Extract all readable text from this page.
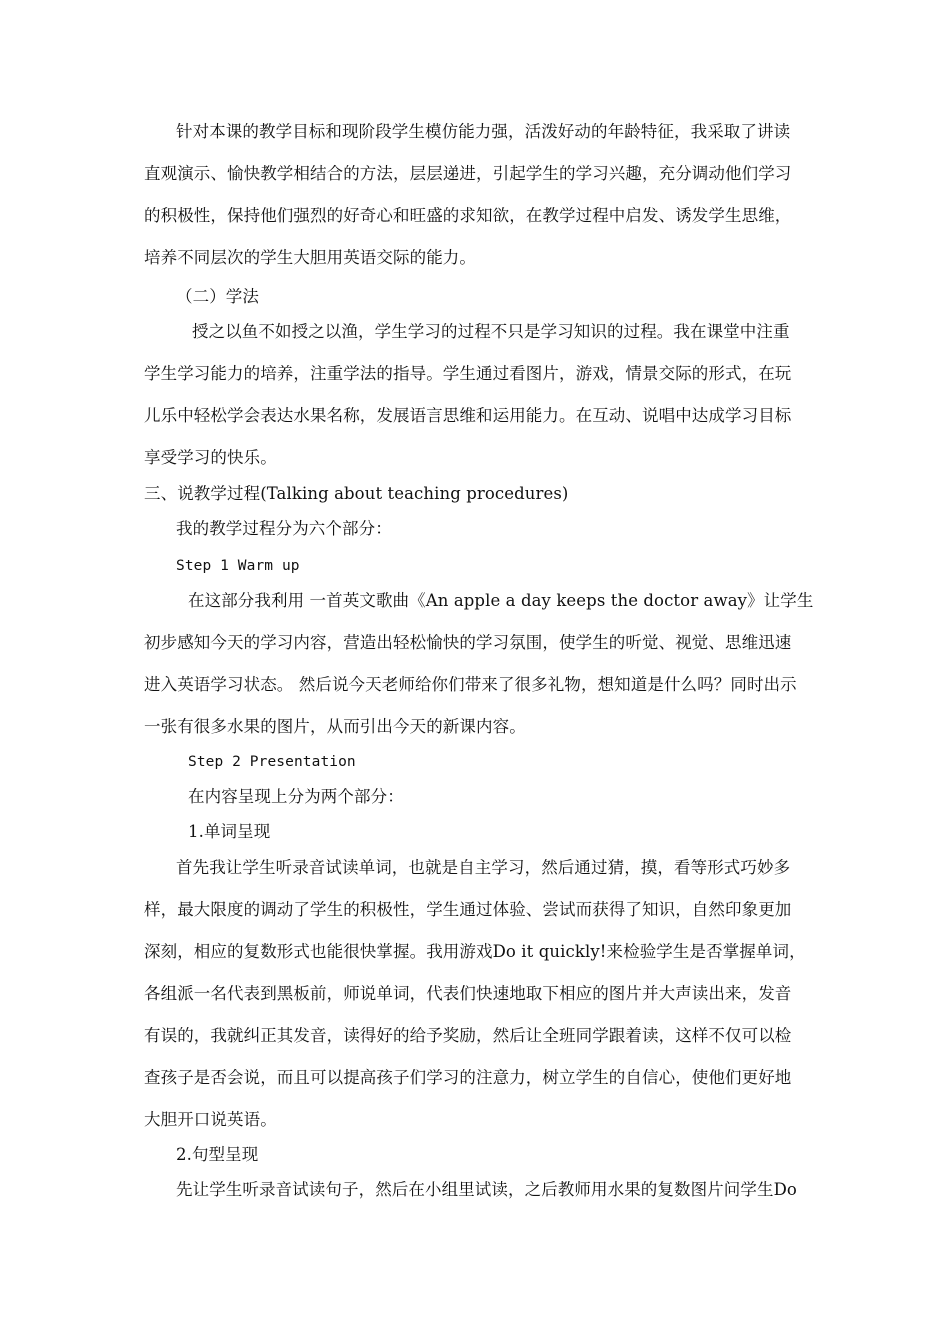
针对本课的教学目标和现阶段学生模仿能力强，活泼好动的年龄特征，我采取了讲读
直观演示、愉快教学相结合的方法，层层递进，引起学生的学习兴趣，充分调动他们学习
的积极性，保持他们强烈的好奇心和旺盛的求知欲，在教学过程中启发、诱发学生思维，
培养不同层次的学生大胆用英语交际的能力。
（二）学法
授之以鱼不如授之以渔，学生学习的过程不只是学习知识的过程。我在课堂中注重
学生学习能力的培养，注重学法的指导。学生通过看图片，游戏，情景交际的形式，在玩
儿乐中轻松学会表达水果名称，发展语言思维和运用能力。在互动、说唱中达成学习目标
享受学习的快乐。
三、说教学过程(Talking about teaching procedures)
我的教学过程分为六个部分：
Step 1 Warm up
在这部分我利用 一首英文歌曲《An apple a day keeps the doctor away》让学生
初步感知今天的学习内容，营造出轻松愉快的学习氛围，使学生的听觉、视觉、思维迅速
进入英语学习状态。 然后说今天老师给你们带来了很多礼物，想知道是什么吗？同时出示
一张有很多水果的图片，从而引出今天的新课内容。
Step 2 Presentation
在内容呈现上分为两个部分：
1.单词呈现
首先我让学生听录音试读单词，也就是自主学习，然后通过猜，摸，看等形式巧妙多
样，最大限度的调动了学生的积极性，学生通过体验、尝试而获得了知识，自然印象更加
深刻，相应的复数形式也能很快掌握。我用游戏Do it quickly!来检验学生是否掌握单词，
各组派一名代表到黑板前，师说单词，代表们快速地取下相应的图片并大声读出来，发音
有误的，我就纠正其发音，读得好的给予奖励，然后让全班同学跟着读，这样不仅可以检
查孩子是否会说，而且可以提高孩子们学习的注意力，树立学生的自信心，使他们更好地
大胆开口说英语。
2.句型呈现
先让学生听录音试读句子，然后在小组里试读，之后教师用水果的复数图片问学生Do
